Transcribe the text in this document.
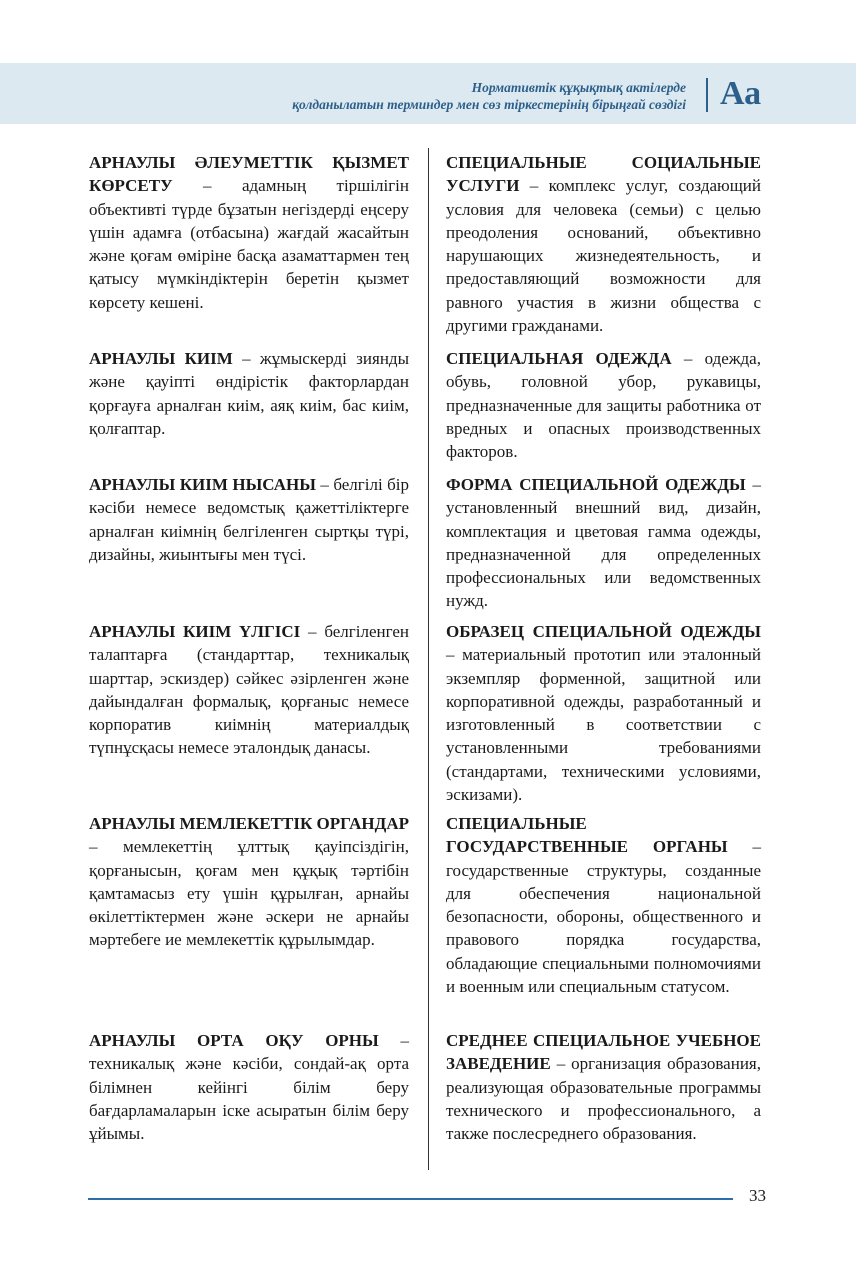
Нормативтік құқықтық актілерде
қолданылатын терминдер мен сөз тіркестерінің бірыңғай сөздігі Аа
АРНАУЛЫ ӘЛЕУМЕТТІК ҚЫЗМЕТ КӨРСЕТУ – адамның тіршілігін объективті түрде бұзатын негіздерді еңсеру үшін адамға (отбасына) жағдай жасайтын және қоғам өміріне басқа азаматтармен тең қатысу мүмкіндіктерін беретін қызмет көрсету кешені.
СПЕЦИАЛЬНЫЕ СОЦИАЛЬНЫЕ УСЛУГИ – комплекс услуг, создающий условия для человека (семьи) с целью преодоления оснований, объективно нарушающих жизнедеятельность, и предоставляющий возможности для равного участия в жизни общества с другими гражданами.
АРНАУЛЫ КИІМ – жұмыскерді зиянды және қауіпті өндірістік факторлардан қорғауға арналған киім, аяқ киім, бас киім, қолғаптар.
СПЕЦИАЛЬНАЯ ОДЕЖДА – одежда, обувь, головной убор, рукавицы, предназначенные для защиты работника от вредных и опасных производственных факторов.
АРНАУЛЫ КИІМ НЫСАНЫ – белгілі бір кәсіби немесе ведомстық қажеттіліктерге арналған киімнің белгіленген сыртқы түрі, дизайны, жиынтығы мен түсі.
ФОРМА СПЕЦИАЛЬНОЙ ОДЕЖДЫ – установленный внешний вид, дизайн, комплектация и цветовая гамма одежды, предназначенной для определенных профессиональных или ведомственных нужд.
АРНАУЛЫ КИІМ ҮЛГІСІ – белгіленген талаптарға (стандарттар, техникалық шарттар, эскиздер) сәйкес әзірленген және дайындалған формалық, қорғаныс немесе корпоратив киімнің материалдық түпнұсқасы немесе эталондық данасы.
ОБРАЗЕЦ СПЕЦИАЛЬНОЙ ОДЕЖДЫ – материальный прототип или эталонный экземпляр форменной, защитной или корпоративной одежды, разработанный и изготовленный в соответствии с установленными требованиями (стандартами, техническими условиями, эскизами).
АРНАУЛЫ МЕМЛЕКЕТТІК ОРГАНДАР – мемлекеттің ұлттық қауіпсіздігін, қорғанысын, қоғам мен құқық тәртібін қамтамасыз ету үшін құрылған, арнайы өкілеттіктермен және әскери не арнайы мәртебеге ие мемлекеттік құрылымдар.
СПЕЦИАЛЬНЫЕ ГОСУДАРСТВЕННЫЕ ОРГАНЫ – государственные структуры, созданные для обеспечения национальной безопасности, обороны, общественного и правового порядка государства, обладающие специальными полномочиями и военным или специальным статусом.
АРНАУЛЫ ОРТА ОҚУ ОРНЫ – техникалық және кәсіби, сондай-ақ орта білімнен кейінгі білім беру бағдарламаларын іске асыратын білім беру ұйымы.
СРЕДНЕЕ СПЕЦИАЛЬНОЕ УЧЕБНОЕ ЗАВЕДЕНИЕ – организация образования, реализующая образовательные программы технического и профессионального, а также послесреднего образования.
33
